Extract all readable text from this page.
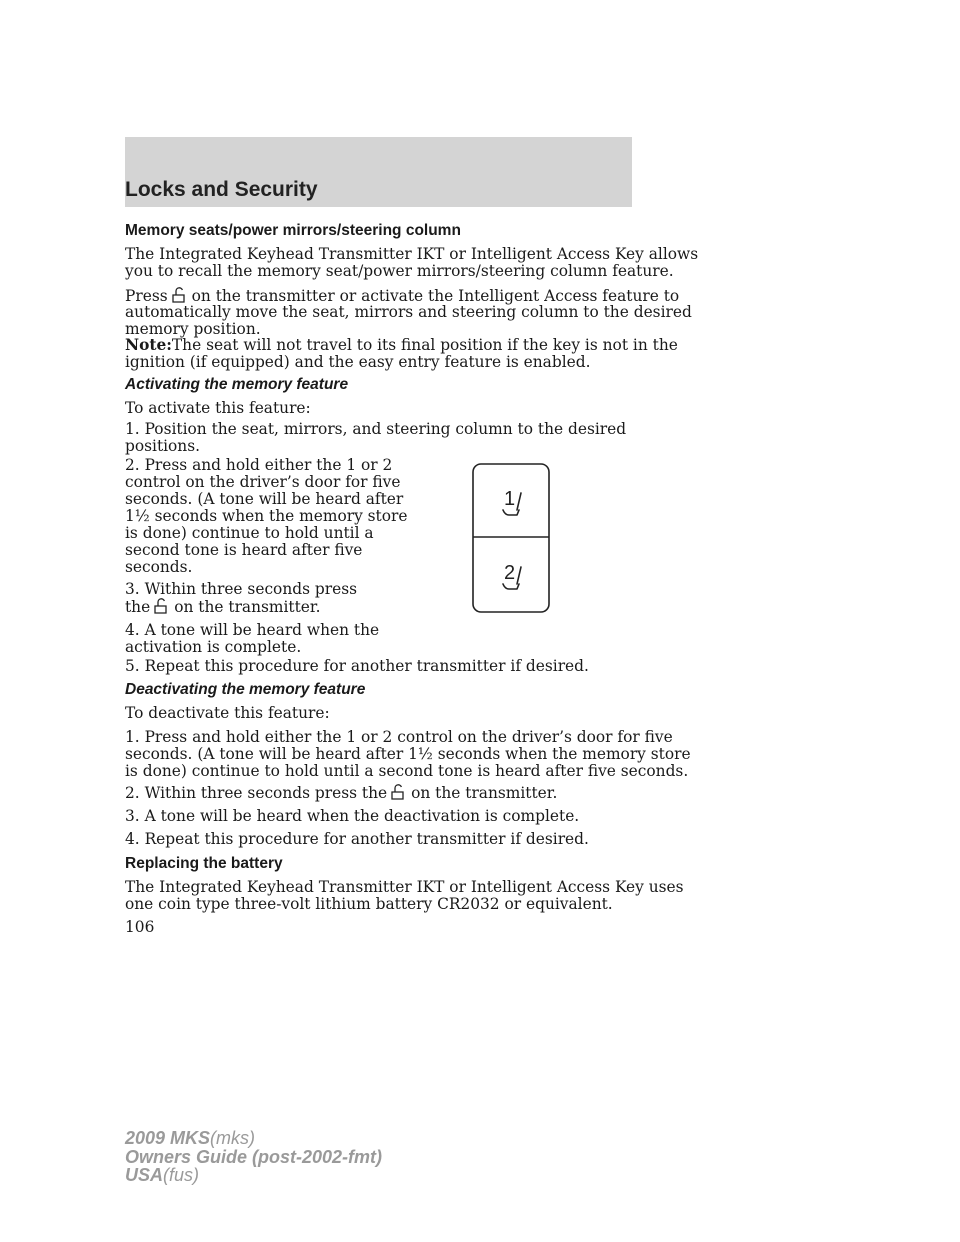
Locks and Security

Memory seats/power mirrors/steering column

The Integrated Keyhead Transmitter IKT or Intelligent Access Key allows

you to recall the memory seat/power mirrors/steering column feature.

Press on the transmitter or activate the Intelligent Access feature to

automatically move the seat, mirrors and steering column to the desired

memory position.

Note:The seat will not travel to its final position if the key is not in the

ignition (if equipped) and the easy entry feature is enabled.

Activating the memory feature

To activate this feature:

1. Position the seat, mirrors, and steering column to the desired

positions.

2. Press and hold either the 1 or 2

control on the driver’s door for five

seconds. (A tone will be heard after

1½ seconds when the memory store

is done) continue to hold until a

second tone is heard after five

seconds.

3. Within three seconds press

the on the transmitter.

4. A tone will be heard when the

activation is complete.

5. Repeat this procedure for another transmitter if desired.

Deactivating the memory feature

To deactivate this feature:

1. Press and hold either the 1 or 2 control on the driver’s door for five

seconds. (A tone will be heard after 1½ seconds when the memory store

is done) continue to hold until a second tone is heard after five seconds.

2. Within three seconds press the on the transmitter.

3. A tone will be heard when the deactivation is complete.

4. Repeat this procedure for another transmitter if desired.

Replacing the battery

The Integrated Keyhead Transmitter IKT or Intelligent Access Key uses

one coin type three-volt lithium battery CR2032 or equivalent.

1
2

106

2009 MKS(mks)
Owners Guide (post-2002-fmt)
USA(fus)
